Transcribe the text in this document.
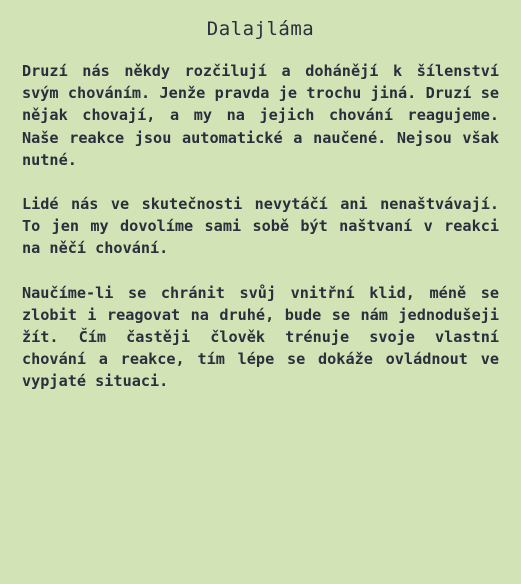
Dalajláma

Druzí nás někdy rozčilují a dohánějí k šílenství svým chováním. Jenže pravda je trochu jiná. Druzí se nějak chovají, a my na jejich chování reagujeme. Naše reakce jsou automatické a naučené. Nejsou však nutné.

Lidé nás ve skutečnosti nevytáčí ani nenaštvávají. To jen my dovolíme sami sobě být naštvaní v reakci na něčí chování.

Naučíme-li se chránit svůj vnitřní klid, méně se zlobit i reagovat na druhé, bude se nám jednodušeji žít. Čím častěji člověk trénuje svoje vlastní chování a reakce, tím lépe se dokáže ovládnout ve vypjaté situaci.
